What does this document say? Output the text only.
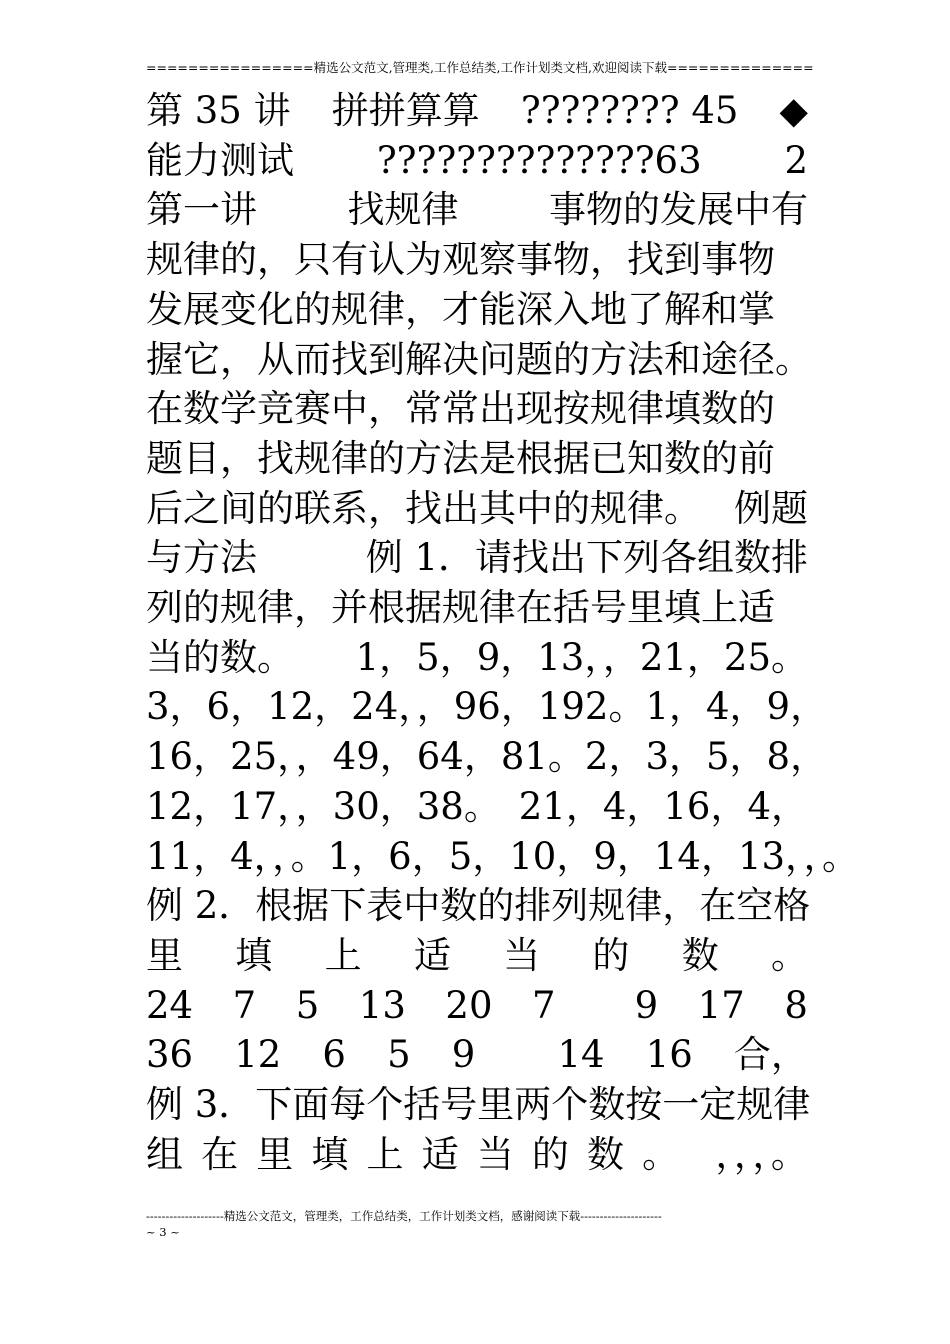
================精选公文范文,管理类,工作总结类,工作计划类文档,欢迎阅读下载==============
第 35 讲 拼拼算算 ???????? 45 ◆
能力测试 ??????????????63 2
第一讲 找规律 事物的发展中有
规律的，只有认为观察事物，找到事物
发展变化的规律，才能深入地了解和掌
握它，从而找到解决问题的方法和途径。
在数学竞赛中，常常出现按规律填数的
题目，找规律的方法是根据已知数的前
后之间的联系，找出其中的规律。 例题
与方法	例 1．请找出下列各组数排
列的规律，并根据规律在括号里填上适
当的数。 1，5，9，13，，21，25。
3，6，12，24，，96，192。 1，4，9，
16，25，，49，64，81。 2，3，5，8，
12，17，，30，38。 21，4，16，4，
11，4，，。 1，6，5，10，9，14，13，，。
例 2．根据下表中数的排列规律，在空格
里 填 上 适 当 的 数 。
24 7 5 13 20 7 9 17 8
36 12 6 5 9 14 16 合，
例 3．下面每个括号里两个数按一定规律
组 在 里 填 上 适 当 的 数 。 ，，，。
--------------------精选公文范文，管理类，工作总结类，工作计划类文档，感谢阅读下载---------------------
~ 3 ~
